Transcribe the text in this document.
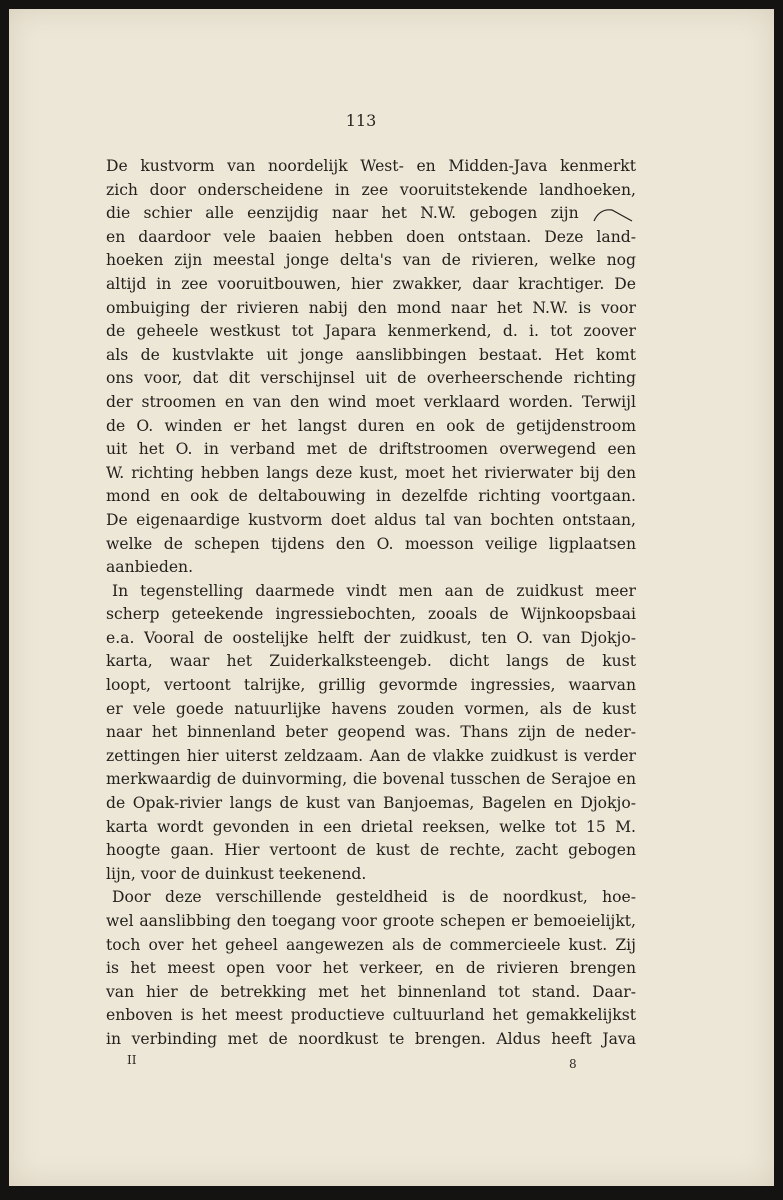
113
De kustvorm van noordelijk West- en Midden-Java kenmerkt
zich door onderscheidene in zee vooruitstekende landhoeken,
die schier alle eenzijdig naar het N.W. gebogen zijn
en daardoor vele baaien hebben doen ontstaan. Deze land-
hoeken zijn meestal jonge delta's van de rivieren, welke nog
altijd in zee vooruitbouwen, hier zwakker, daar krachtiger. De
ombuiging der rivieren nabij den mond naar het N.W. is voor
de geheele westkust tot Japara kenmerkend, d. i. tot zoover
als de kustvlakte uit jonge aanslibbingen bestaat. Het komt
ons voor, dat dit verschijnsel uit de overheerschende richting
der stroomen en van den wind moet verklaard worden. Terwijl
de O. winden er het langst duren en ook de getijdenstroom
uit het O. in verband met de driftstroomen overwegend een
W. richting hebben langs deze kust, moet het rivierwater bij den
mond en ook de deltabouwing in dezelfde richting voortgaan.
De eigenaardige kustvorm doet aldus tal van bochten ontstaan,
welke de schepen tijdens den O. moesson veilige ligplaatsen
aanbieden.
In tegenstelling daarmede vindt men aan de zuidkust meer
scherp geteekende ingressiebochten, zooals de Wijnkoopsbaai
e.a. Vooral de oostelijke helft der zuidkust, ten O. van Djokjo-
karta, waar het Zuiderkalksteengeb. dicht langs de kust
loopt, vertoont talrijke, grillig gevormde ingressies, waarvan
er vele goede natuurlijke havens zouden vormen, als de kust
naar het binnenland beter geopend was. Thans zijn de neder-
zettingen hier uiterst zeldzaam. Aan de vlakke zuidkust is verder
merkwaardig de duinvorming, die bovenal tusschen de Serajoe en
de Opak-rivier langs de kust van Banjoemas, Bagelen en Djokjo-
karta wordt gevonden in een drietal reeksen, welke tot 15 M.
hoogte gaan. Hier vertoont de kust de rechte, zacht gebogen
lijn, voor de duinkust teekenend.
Door deze verschillende gesteldheid is de noordkust, hoe-
wel aanslibbing den toegang voor groote schepen er bemoeielijkt,
toch over het geheel aangewezen als de commercieele kust. Zij
is het meest open voor het verkeer, en de rivieren brengen
van hier de betrekking met het binnenland tot stand. Daar-
enboven is het meest productieve cultuurland het gemakkelijkst
in verbinding met de noordkust te brengen. Aldus heeft Java
II	8
